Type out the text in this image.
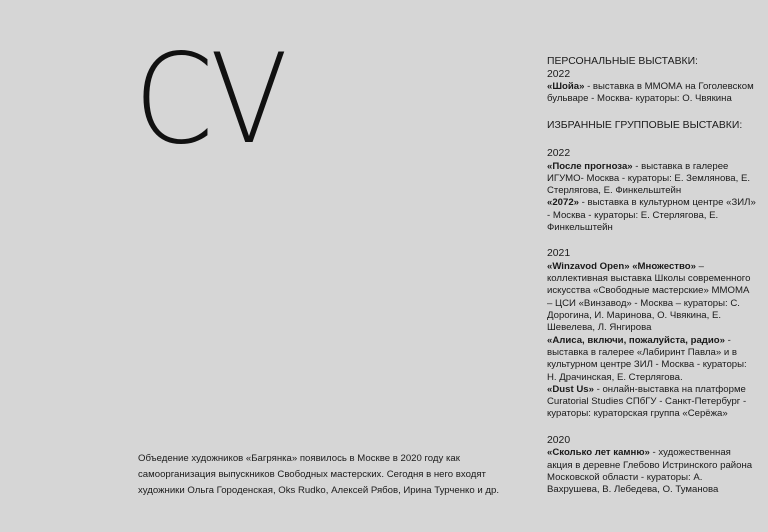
CV
Объедение художников «Багрянка» появилось в Москве в 2020 году как самоорганизация выпускников Свободных мастерских. Сегодня в него входят художники Ольга Городенская, Oks Rudko, Алексей Рябов, Ирина Турченко и др.
ПЕРСОНАЛЬНЫЕ ВЫСТАВКИ:
2022
«Шойа» - выставка в ММОМА на Гоголевском бульваре - Москва- кураторы: О. Чвякина
ИЗБРАННЫЕ ГРУППОВЫЕ ВЫСТАВКИ:
2022
«После прогноза» - выставка в галерее ИГУМО- Москва - кураторы: Е. Землянова, Е. Стерлягова, Е. Финкельштейн
«2072» - выставка в культурном центре «ЗИЛ» - Москва - кураторы: Е. Стерлягова, Е. Финкельштейн
2021
«Winzavod Open» «Множество» – коллективная выставка Школы современного искусства «Свободные мастерские» ММОМА – ЦСИ «Винзавод» - Москва – кураторы: С. Дорогина, И. Маринова, О. Чвякина, Е. Шевелева, Л. Янгирова
«Алиса, включи, пожалуйста, радио» - выставка в галерее «Лабиринт Павла» и в культурном центре ЗИЛ - Москва - кураторы: Н. Драчинская, Е. Стерлягова.
«Dust Us» - онлайн-выставка на платформе Curatorial Studies СПбГУ - Санкт-Петербург - кураторы: кураторская группа «Серёжа»
2020
«Сколько лет камню» - художественная акция в деревне Глебово Истринского района Московской области - кураторы: А. Вахрушева, В. Лебедева, О. Туманова
